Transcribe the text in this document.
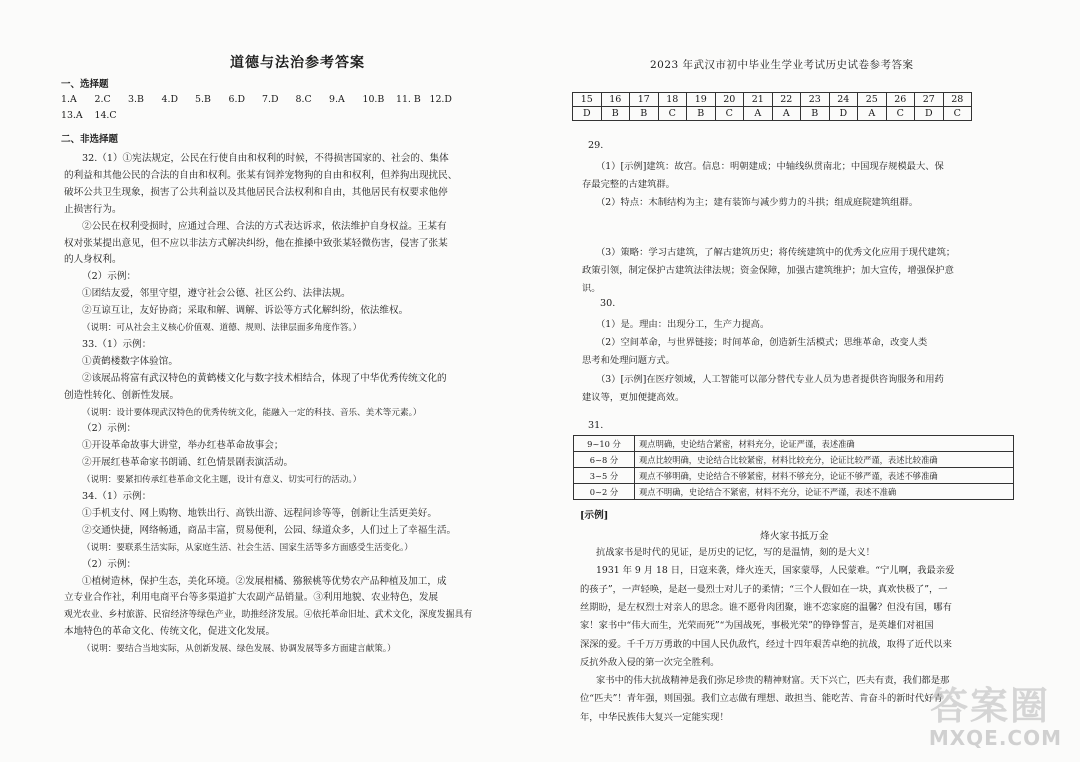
道德与法治参考答案
一、选择题
1.A 2.C 3.B 4.D 5.B 6.D 7.D 8.C 9.A 10.B 11. B 12.D
13.A 14.C
二、非选择题
32.（1）①宪法规定，公民在行使自由和权利的时候，不得损害国家的、社会的、集体
的利益和其他公民的合法的自由和权利。张某有饲养宠物狗的自由和权利，但养狗出现扰民、
破坏公共卫生现象，损害了公共利益以及其他居民合法权利和自由，其他居民有权要求他停
止损害行为。
②公民在权利受损时，应通过合理、合法的方式表达诉求，依法维护自身权益。王某有
权对张某提出意见，但不应以非法方式解决纠纷，他在推搡中致张某轻微伤害，侵害了张某
的人身权利。
（2）示例：
①团结友爱，邻里守望，遵守社会公德、社区公约、法律法规。
②互谅互让，友好协商；采取和解、调解、诉讼等方式化解纠纷，依法维权。
（说明：可从社会主义核心价值观、道德、规则、法律层面多角度作答。）
33.（1）示例：
①黄鹤楼数字体验馆。
②该展品将富有武汉特色的黄鹤楼文化与数字技术相结合，体现了中华优秀传统文化的
创造性转化、创新性发展。
（说明：设计要体现武汉特色的优秀传统文化，能融入一定的科技、音乐、美术等元素。）
（2）示例：
①开设革命故事大讲堂，举办红巷革命故事会；
②开展红巷革命家书朗诵、红色情景剧表演活动。
（说明：要紧扣传承红巷革命文化主题，设计有意义、切实可行的活动。）
34.（1）示例：
①手机支付、网上购物、地铁出行、高铁出游、远程问诊等等，创新让生活更美好。
②交通快捷，网络畅通，商品丰富，贸易便利，公园、绿道众多，人们过上了幸福生活。
（说明：要联系生活实际，从家庭生活、社会生活、国家生活等多方面感受生活变化。）
（2）示例：
①植树造林，保护生态，美化环境。②发展柑橘、猕猴桃等优势农产品种植及加工，成
立专业合作社，利用电商平台等多渠道扩大农副产品销量。③利用地貌、农业特色，发展
观光农业、乡村旅游、民宿经济等绿色产业，助推经济发展。④依托革命旧址、武术文化，深度发掘具有
本地特色的革命文化、传统文化，促进文化发展。
（说明：要结合当地实际，从创新发展、绿色发展、协调发展等多方面建言献策。）
2023 年武汉市初中毕业生学业考试历史试卷参考答案
15	16	17	18	19	20	21	22	23	24	25	26	27	28
D	B	B	C	B	C	A	A	B	D	A	C	D	C
29.
（1）[示例]建筑：故宫。信息：明朝建成；中轴线纵贯南北；中国现存规模最大、保
存最完整的古建筑群。
（2）特点：木制结构为主；建有装饰与减少剪力的斗拱；组成庭院建筑组群。
（3）策略：学习古建筑，了解古建筑历史；将传统建筑中的优秀文化应用于现代建筑；
政策引领，制定保护古建筑法律法规；资金保障，加强古建筑维护；加大宣传，增强保护意
识。
30.
（1）是。理由：出现分工，生产力提高。
（2）空间革命，与世界链接；时间革命，创造新生活模式；思维革命，改变人类
思考和处理问题方式。
（3）[示例]在医疗领域，人工智能可以部分替代专业人员为患者提供咨询服务和用药
建议等，更加便捷高效。
31.
9~10 分	观点明确，史论结合紧密，材料充分，论证严谨，表述准确
6~8 分	观点比较明确，史论结合比较紧密，材料比较充分，论证比较严谨，表述比较准确
3~5 分	观点不够明确，史论结合不够紧密，材料不够充分，论证不够严谨，表述不够准确
0~2 分	观点不明确，史论结合不紧密，材料不充分，论证不严谨，表述不准确
[示例]
烽火家书抵万金
抗战家书是时代的见证，是历史的记忆，写的是温情，刻的是大义！
1931 年 9 月 18 日，日寇来袭，烽火连天，国家蒙辱，人民蒙难。“宁儿啊，我最亲爱
的孩子”，一声轻唤，是赵一曼烈士对儿子的柔情；“三个人假如在一块，真欢快极了”，一
丝期盼，是左权烈士对亲人的思念。谁不愿骨肉团聚，谁不恋家庭的温馨？但没有国，哪有
家！家书中“伟大而生，光荣而死”“为国战死，事极光荣”的铮铮誓言，是英雄们对祖国
深深的爱。千千万万勇敢的中国人民仇敌忾，经过十四年艰苦卓绝的抗战，取得了近代以来
反抗外敌入侵的第一次完全胜利。
家书中的伟大抗战精神是我们弥足珍贵的精神财富。天下兴亡，匹夫有责，我们都是那
位“匹夫”！青年强，则国强。我们立志做有理想、敢担当、能吃苦、肯奋斗的新时代好青
年，中华民族伟大复兴一定能实现！	答案圈
MXQE.COM
